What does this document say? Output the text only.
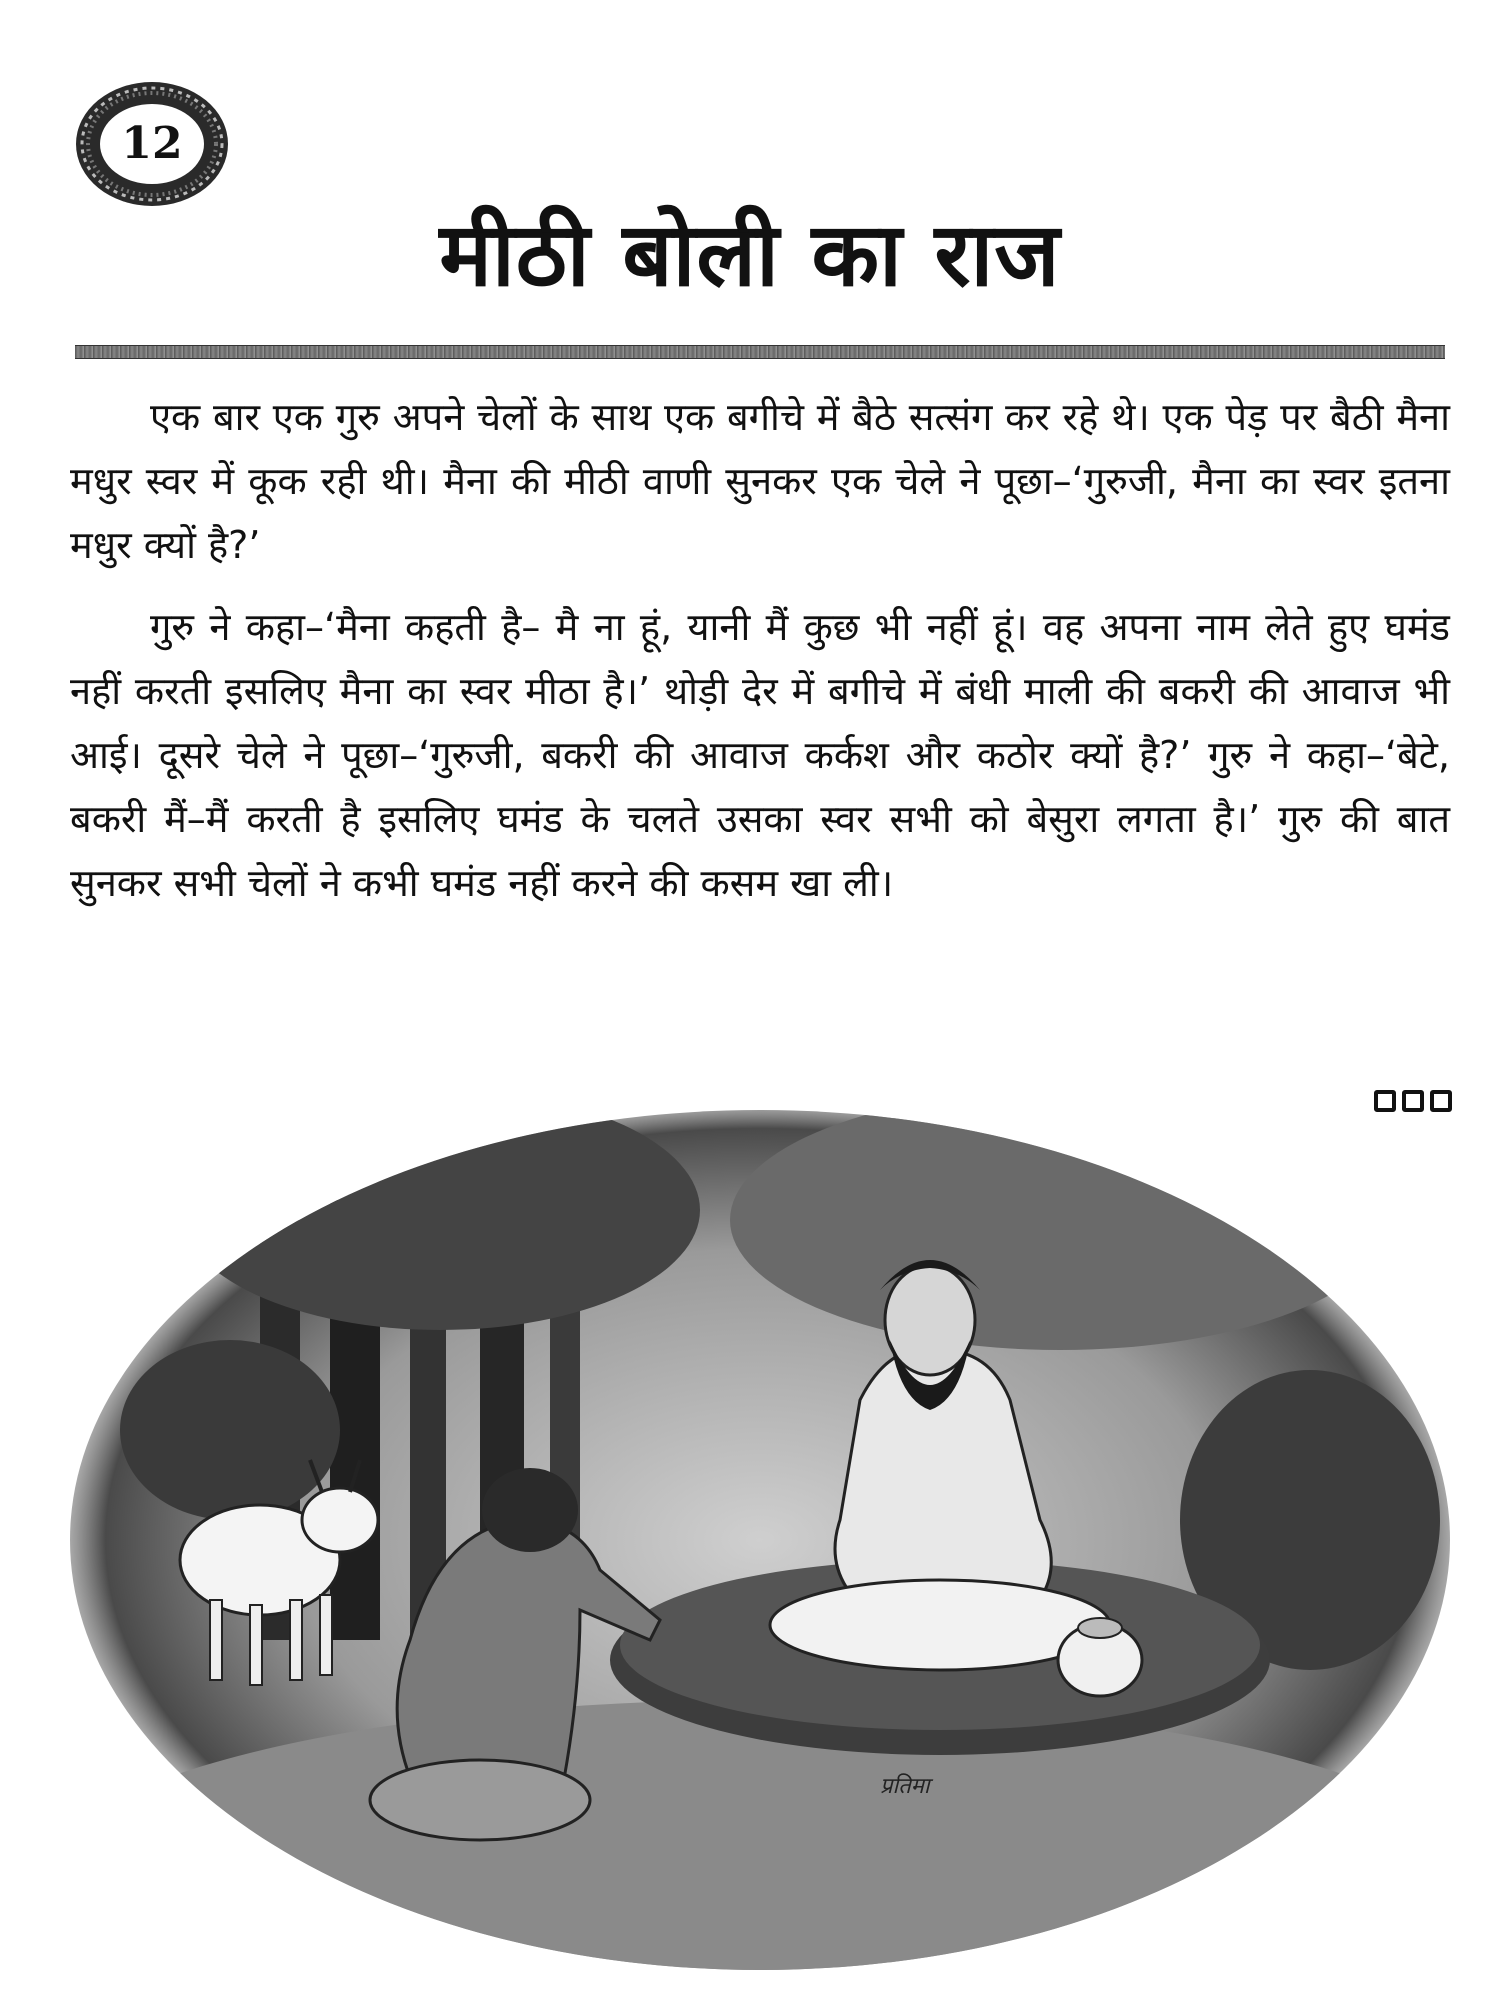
12
मीठी बोली का राज

एक बार एक गुरु अपने चेलों के साथ एक बगीचे में बैठे सत्संग कर रहे थे। एक पेड़ पर बैठी मैना मधुर स्वर में कूक रही थी। मैना की मीठी वाणी सुनकर एक चेले ने पूछा–‘गुरुजी, मैना का स्वर इतना मधुर क्यों है?’

गुरु ने कहा–‘मैना कहती है– मै ना हूं, यानी मैं कुछ भी नहीं हूं। वह अपना नाम लेते हुए घमंड नहीं करती इसलिए मैना का स्वर मीठा है।’ थोड़ी देर में बगीचे में बंधी माली की बकरी की आवाज भी आई। दूसरे चेले ने पूछा–‘गुरुजी, बकरी की आवाज कर्कश और कठोर क्यों है?’ गुरु ने कहा–‘बेटे, बकरी मैं–मैं करती है इसलिए घमंड के चलते उसका स्वर सभी को बेसुरा लगता है।’ गुरु की बात सुनकर सभी चेलों ने कभी घमंड नहीं करने की कसम खा ली।

प्रतिमा
